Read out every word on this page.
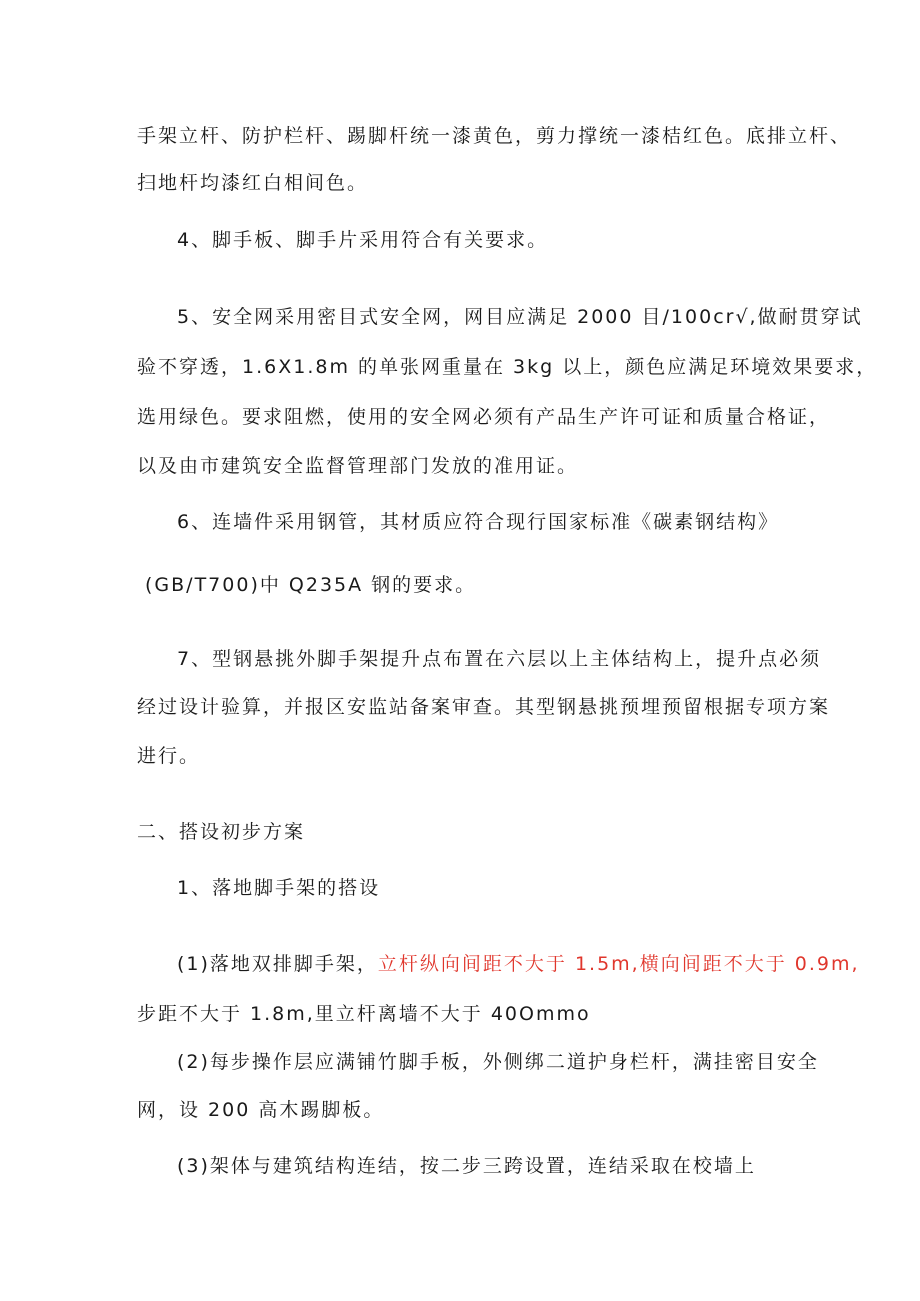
手架立杆、防护栏杆、踢脚杆统一漆黄色，剪力撑统一漆桔红色。底排立杆、
扫地杆均漆红白相间色。
4、脚手板、脚手片采用符合有关要求。
5、安全网采用密目式安全网，网目应满足 2000 目/100cr√,做耐贯穿试
验不穿透，1.6X1.8m 的单张网重量在 3kg 以上，颜色应满足环境效果要求，
选用绿色。要求阻燃，使用的安全网必须有产品生产许可证和质量合格证，
以及由市建筑安全监督管理部门发放的准用证。
6、连墙件采用钢管，其材质应符合现行国家标准《碳素钢结构》
(GB/T700)中 Q235A 钢的要求。
7、型钢悬挑外脚手架提升点布置在六层以上主体结构上，提升点必须
经过设计验算，并报区安监站备案审查。其型钢悬挑预埋预留根据专项方案
进行。
二、搭设初步方案
1、落地脚手架的搭设
(1)落地双排脚手架，立杆纵向间距不大于 1.5m,横向间距不大于 0.9m,
步距不大于 1.8m,里立杆离墙不大于 40Ommo
(2)每步操作层应满铺竹脚手板，外侧绑二道护身栏杆，满挂密目安全
网，设 200 高木踢脚板。
(3)架体与建筑结构连结，按二步三跨设置，连结采取在校墙上
